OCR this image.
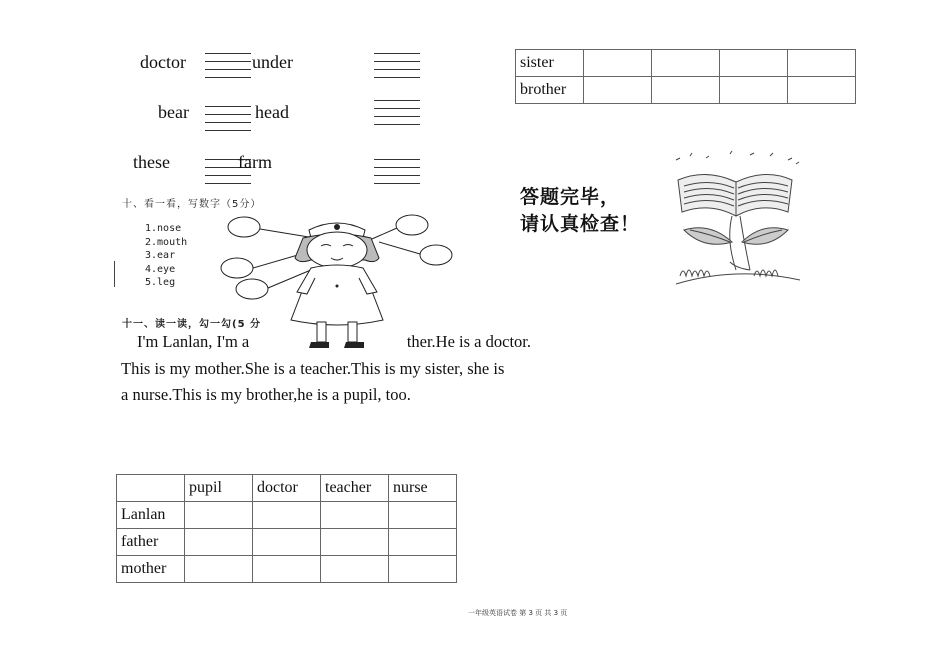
doctor	under
bear	head
these	farm
十、看一看，写数字（5分）
1.nose
2.mouth
3.ear
4.eye
5.leg
十一、读一读，勾一勾(5 分
I'm Lanlan, I'm a	ther.He is a doctor.
This is my mother.She is a teacher.This is my sister, she is
a nurse.This is my brother,he is a pupil, too.
	pupil	doctor	teacher	nurse
Lanlan				
father				
mother				
sister				
brother				
答题完毕，
请认真检查！
一年级英语试卷 第 3 页 共 3 页
